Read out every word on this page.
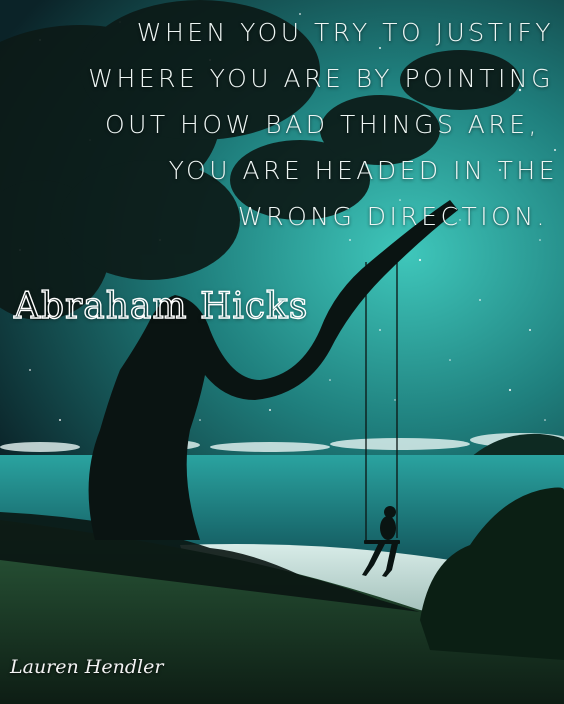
WHEN YOU TRY TO JUSTIFY

WHERE YOU ARE BY POINTING

OUT HOW BAD THINGS ARE,

YOU ARE HEADED IN THE

WRONG DIRECTION.

Abraham Hicks

Lauren Hendler
